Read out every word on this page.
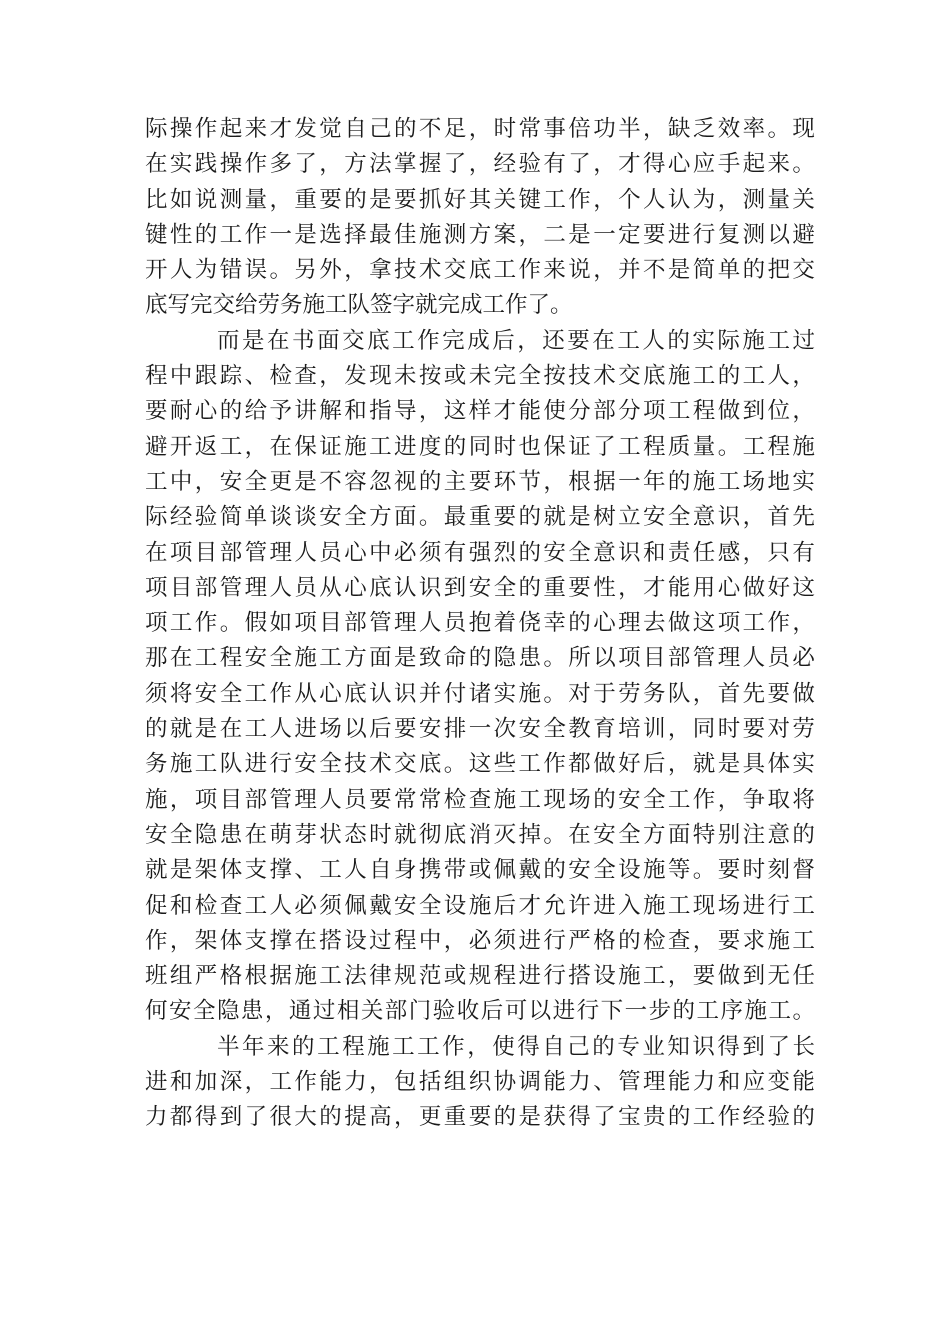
际操作起来才发觉自己的不足，时常事倍功半，缺乏效率。现
在实践操作多了，方法掌握了，经验有了，才得心应手起来。
比如说测量，重要的是要抓好其关键工作，个人认为，测量关
键性的工作一是选择最佳施测方案，二是一定要进行复测以避
开人为错误。另外，拿技术交底工作来说，并不是简单的把交
底写完交给劳务施工队签字就完成工作了。
而是在书面交底工作完成后，还要在工人的实际施工过
程中跟踪、检查，发现未按或未完全按技术交底施工的工人，
要耐心的给予讲解和指导，这样才能使分部分项工程做到位，
避开返工，在保证施工进度的同时也保证了工程质量。工程施
工中，安全更是不容忽视的主要环节，根据一年的施工场地实
际经验简单谈谈安全方面。最重要的就是树立安全意识，首先
在项目部管理人员心中必须有强烈的安全意识和责任感，只有
项目部管理人员从心底认识到安全的重要性，才能用心做好这
项工作。假如项目部管理人员抱着侥幸的心理去做这项工作，
那在工程安全施工方面是致命的隐患。所以项目部管理人员必
须将安全工作从心底认识并付诸实施。对于劳务队，首先要做
的就是在工人进场以后要安排一次安全教育培训，同时要对劳
务施工队进行安全技术交底。这些工作都做好后，就是具体实
施，项目部管理人员要常常检查施工现场的安全工作，争取将
安全隐患在萌芽状态时就彻底消灭掉。在安全方面特别注意的
就是架体支撑、工人自身携带或佩戴的安全设施等。要时刻督
促和检查工人必须佩戴安全设施后才允许进入施工现场进行工
作，架体支撑在搭设过程中，必须进行严格的检查，要求施工
班组严格根据施工法律规范或规程进行搭设施工，要做到无任
何安全隐患，通过相关部门验收后可以进行下一步的工序施工。
半年来的工程施工工作，使得自己的专业知识得到了长
进和加深，工作能力，包括组织协调能力、管理能力和应变能
力都得到了很大的提高，更重要的是获得了宝贵的工作经验的
